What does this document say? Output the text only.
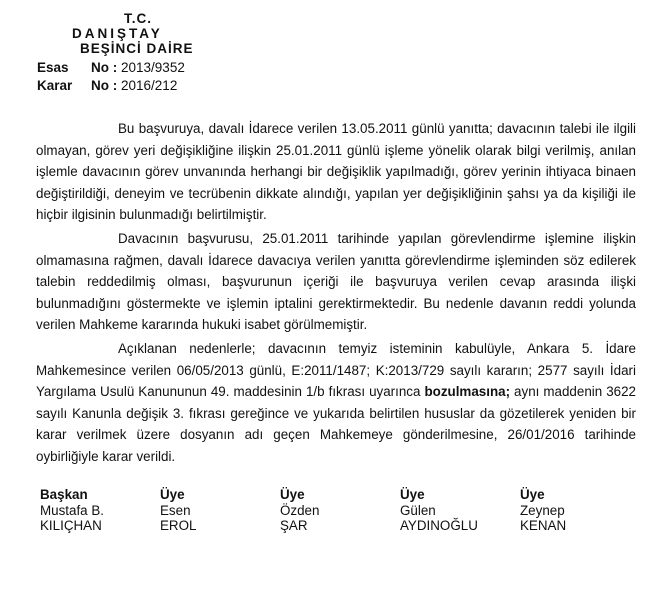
T.C.
DANIŞTAY
BEŞİNCİ DAİRE
Esas No : 2013/9352
Karar No : 2016/212

Bu başvuruya, davalı İdarece verilen 13.05.2011 günlü yanıtta; davacının talebi ile ilgili olmayan, görev yeri değişikliğine ilişkin 25.01.2011 günlü işleme yönelik olarak bilgi verilmiş, anılan işlemle davacının görev unvanında herhangi bir değişiklik yapılmadığı, görev yerinin ihtiyaca binaen değiştirildiği, deneyim ve tecrübenin dikkate alındığı, yapılan yer değişikliğinin şahsı ya da kişiliği ile hiçbir ilgisinin bulunmadığı belirtilmiştir.

Davacının başvurusu, 25.01.2011 tarihinde yapılan görevlendirme işlemine ilişkin olmamasına rağmen, davalı İdarece davacıya verilen yanıtta görevlendirme işleminden söz edilerek talebin reddedilmiş olması, başvurunun içeriği ile başvuruya verilen cevap arasında ilişki bulunmadığını göstermekte ve işlemin iptalini gerektirmektedir. Bu nedenle davanın reddi yolunda verilen Mahkeme kararında hukuki isabet görülmemiştir.

Açıklanan nedenlerle; davacının temyiz isteminin kabulüyle, Ankara 5. İdare Mahkemesince verilen 06/05/2013 günlü, E:2011/1487; K:2013/729 sayılı kararın; 2577 sayılı İdari Yargılama Usulü Kanununun 49. maddesinin 1/b fıkrası uyarınca bozulmasına; aynı maddenin 3622 sayılı Kanunla değişik 3. fıkrası gereğince ve yukarıda belirtilen hususlar da gözetilerek yeniden bir karar verilmek üzere dosyanın adı geçen Mahkemeye gönderilmesine, 26/01/2016 tarihinde oybirliğiyle karar verildi.

Başkan
Mustafa B.
KILIÇHAN
Üye
Esen
EROL
Üye
Özden
ŞAR
Üye
Gülen
AYDINOĞLU
Üye
Zeynep
KENAN
